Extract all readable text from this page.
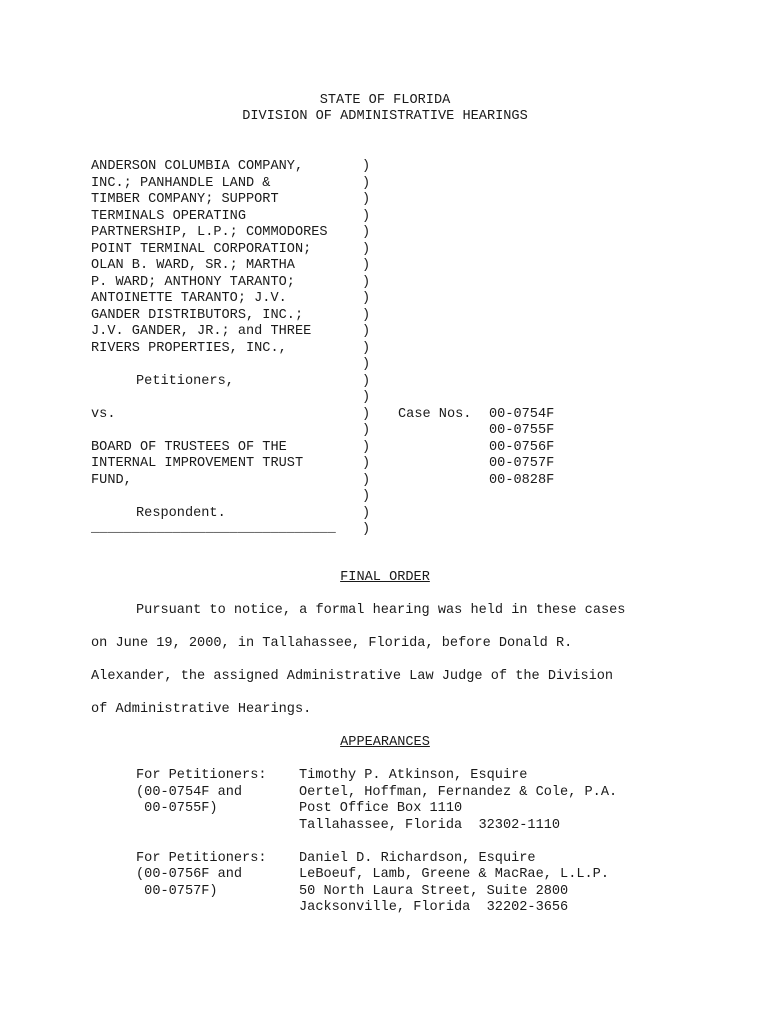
STATE OF FLORIDA
DIVISION OF ADMINISTRATIVE HEARINGS
ANDERSON COLUMBIA COMPANY,
INC.; PANHANDLE LAND &
TIMBER COMPANY; SUPPORT
TERMINALS OPERATING
PARTNERSHIP, L.P.; COMMODORES
POINT TERMINAL CORPORATION;
OLAN B. WARD, SR.; MARTHA
P. WARD; ANTHONY TARANTO;
ANTOINETTE TARANTO; J.V.
GANDER DISTRIBUTORS, INC.;
J.V. GANDER, JR.; and THREE
RIVERS PROPERTIES, INC.,
Petitioners,
vs.
BOARD OF TRUSTEES OF THE
INTERNAL IMPROVEMENT TRUST
FUND,
Respondent.
______________________________
)
)
)
)
)
)
)
)
)
)
)
)
)
)
)
)
)
)
)
)
)
)
)
Case Nos. 00-0754F
00-0755F
00-0756F
00-0757F
00-0828F
FINAL ORDER
Pursuant to notice, a formal hearing was held in these cases
on June 19, 2000, in Tallahassee, Florida, before Donald R.
Alexander, the assigned Administrative Law Judge of the Division
of Administrative Hearings.
APPEARANCES
For Petitioners:
(00-0754F and
00-0755F)
Timothy P. Atkinson, Esquire
Oertel, Hoffman, Fernandez & Cole, P.A.
Post Office Box 1110
Tallahassee, Florida  32302-1110
For Petitioners:
(00-0756F and
00-0757F)
Daniel D. Richardson, Esquire
LeBoeuf, Lamb, Greene & MacRae, L.L.P.
50 North Laura Street, Suite 2800
Jacksonville, Florida  32202-3656
